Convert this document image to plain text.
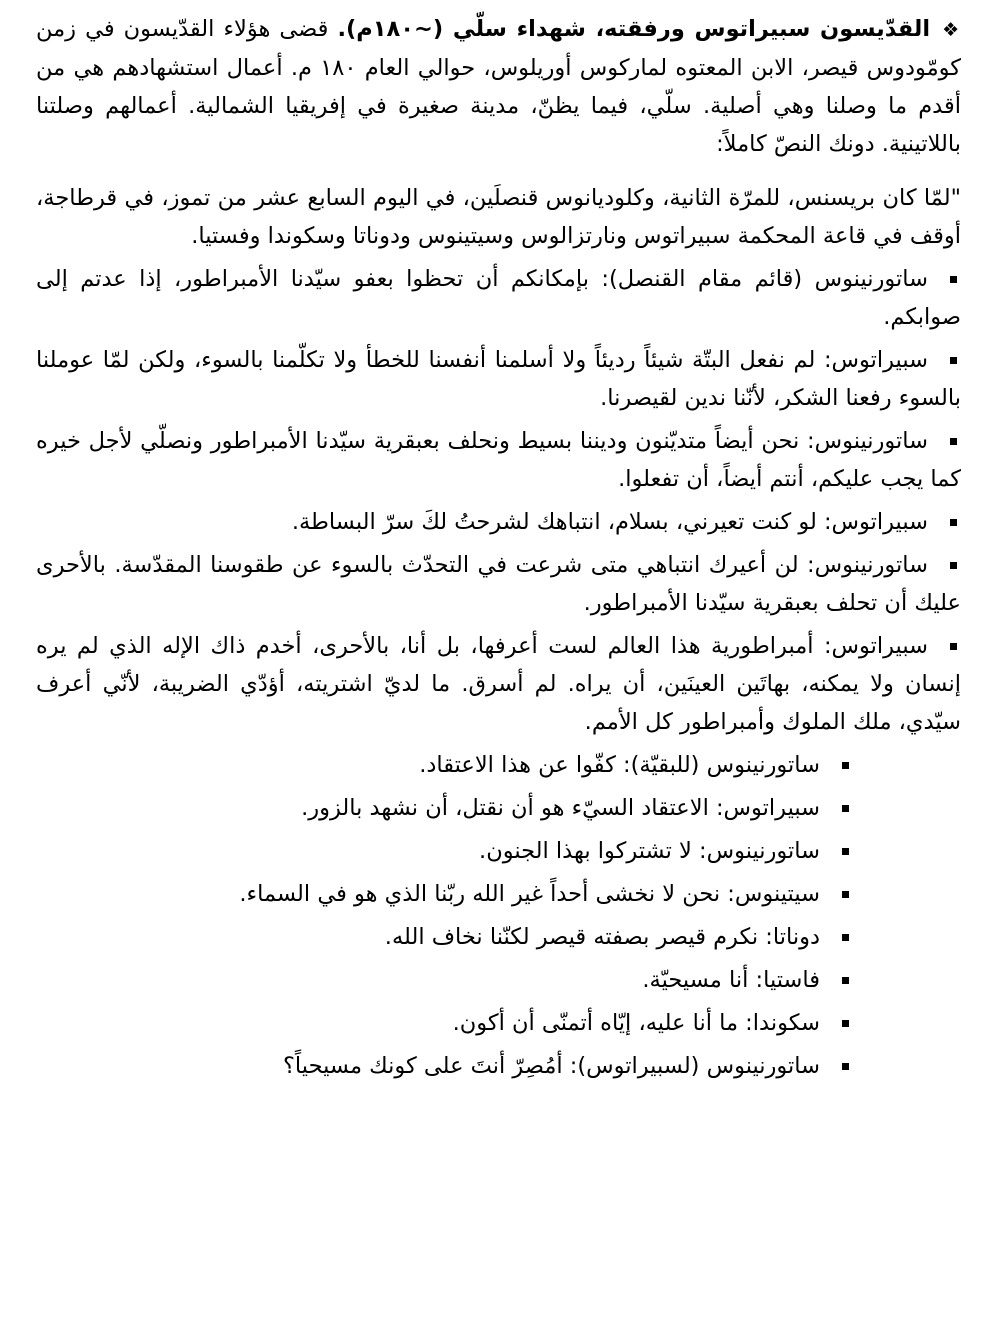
❖القدّيسون سبيراتوس ورفقته، شهداء سلّي (~١٨٠م). قضى هؤلاء القدّيسون في زمن كومّودوس قيصر، الابن المعتوه لماركوس أوريلوس، حوالي العام ١٨٠ م. أعمال استشهادهم هي من أقدم ما وصلنا وهي أصلية. سلّي، فيما يظنّ، مدينة صغيرة في إفريقيا الشمالية. أعمالهم وصلتنا باللاتينية. دونك النصّ كاملاً:

"لمّا كان بريسنس، للمرّة الثانية، وكلوديانوس قنصلَين، في اليوم السابع عشر من تموز، في قرطاجة، أوقف في قاعة المحكمة سبيراتوس ونارتزالوس وسيتينوس ودوناتا وسكوندا وفستيا.

ساتورنينوس (قائم مقام القنصل): بإمكانكم أن تحظوا بعفو سيّدنا الأمبراطور، إذا عدتم إلى صوابكم.

سبيراتوس: لم نفعل البتّة شيئاً رديئاً ولا أسلمنا أنفسنا للخطأ ولا تكلّمنا بالسوء، ولكن لمّا عوملنا بالسوء رفعنا الشكر، لأنّنا ندين لقيصرنا.

ساتورنينوس: نحن أيضاً متديّنون وديننا بسيط ونحلف بعبقرية سيّدنا الأمبراطور ونصلّي لأجل خيره كما يجب عليكم، أنتم أيضاً، أن تفعلوا.

سبيراتوس: لو كنت تعيرني، بسلام، انتباهك لشرحتُ لكَ سرّ البساطة.

ساتورنينوس: لن أعيرك انتباهي متى شرعت في التحدّث بالسوء عن طقوسنا المقدّسة. بالأحرى عليك أن تحلف بعبقرية سيّدنا الأمبراطور.

سبيراتوس: أمبراطورية هذا العالم لست أعرفها، بل أنا، بالأحرى، أخدم ذاك الإله الذي لم يره إنسان ولا يمكنه، بهاتَين العينَين، أن يراه. لم أسرق. ما لديّ اشتريته، أؤدّي الضريبة، لأنّي أعرف سيّدي، ملك الملوك وأمبراطور كل الأمم.

ساتورنينوس (للبقيّة): كفّوا عن هذا الاعتقاد.

سبيراتوس: الاعتقاد السيّء هو أن نقتل، أن نشهد بالزور.

ساتورنينوس: لا تشتركوا بهذا الجنون.

سيتينوس: نحن لا نخشى أحداً غير الله ربّنا الذي هو في السماء.

دوناتا: نكرم قيصر بصفته قيصر لكنّنا نخاف الله.

فاستيا: أنا مسيحيّة.

سكوندا: ما أنا عليه، إيّاه أتمنّى أن أكون.

ساتورنينوس (لسبيراتوس): أمُصِرّ أنتَ على كونك مسيحياً؟
